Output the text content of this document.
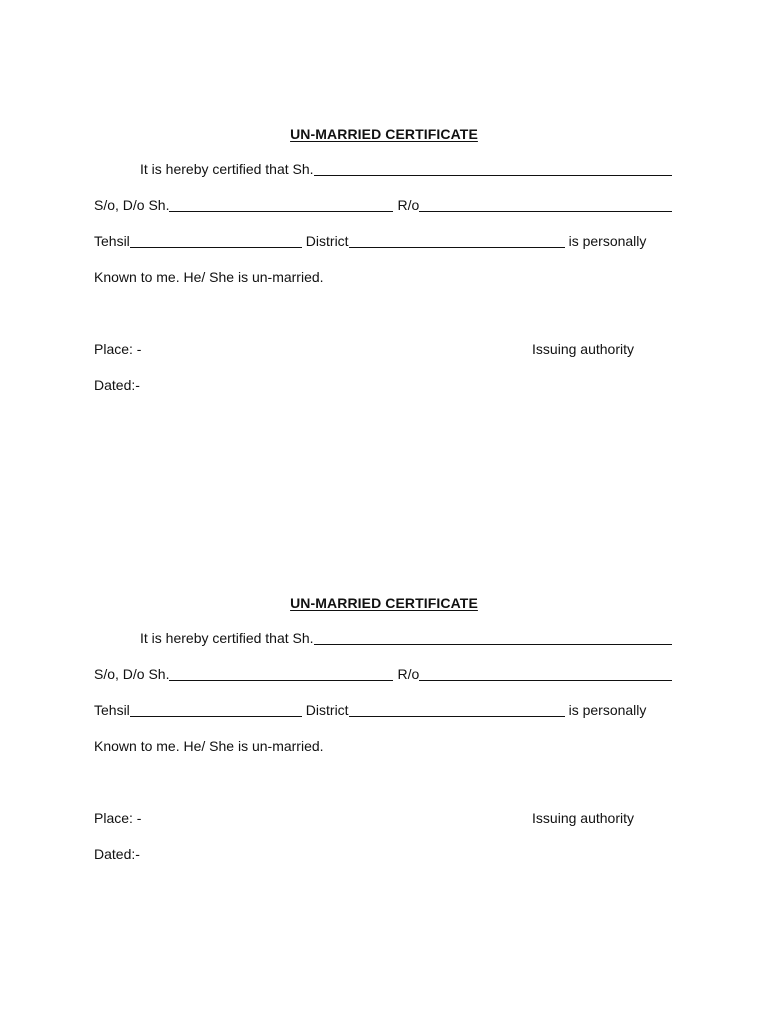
UN-MARRIED CERTIFICATE
It is hereby certified that Sh.
S/o, D/o Sh.	R/o
Tehsil	District	is personally
Known to me. He/ She is un-married.
Place: -	Issuing authority
Dated:-
UN-MARRIED CERTIFICATE
It is hereby certified that Sh.
S/o, D/o Sh.	R/o
Tehsil	District	is personally
Known to me. He/ She is un-married.
Place: -	Issuing authority
Dated:-
